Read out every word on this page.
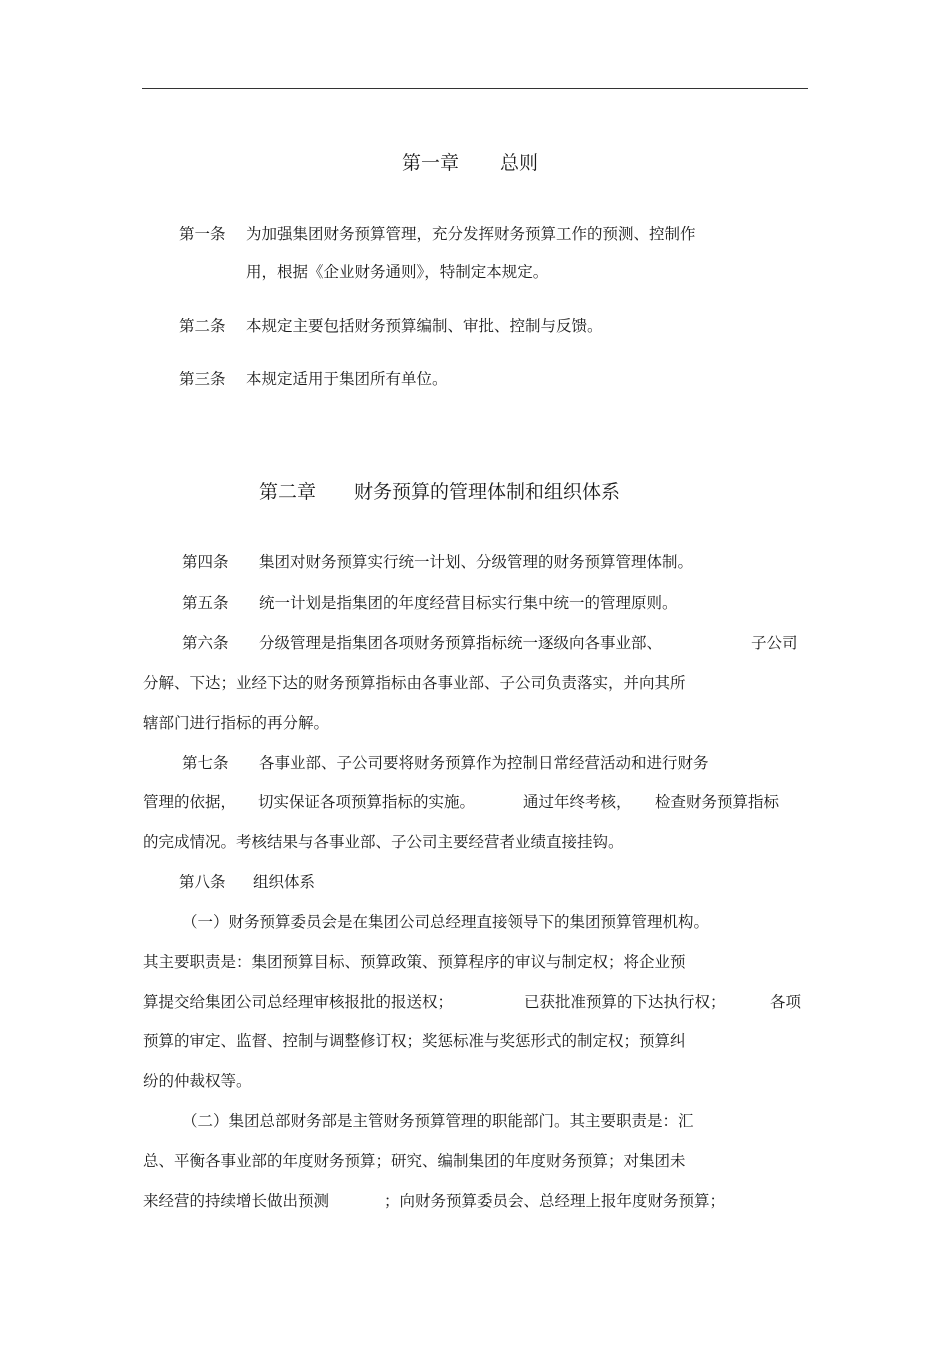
第一章 总则
第一条 为加强集团财务预算管理，充分发挥财务预算工作的预测、控制作
用，根据《企业财务通则》，特制定本规定。
第二条 本规定主要包括财务预算编制、审批、控制与反馈。
第三条 本规定适用于集团所有单位。
第二章 财务预算的管理体制和组织体系
第四条 集团对财务预算实行统一计划、分级管理的财务预算管理体制。
第五条 统一计划是指集团的年度经营目标实行集中统一的管理原则。
第六条 分级管理是指集团各项财务预算指标统一逐级向各事业部、	子公司
分解、下达；业经下达的财务预算指标由各事业部、子公司负责落实，并向其所
辖部门进行指标的再分解。
第七条 各事业部、子公司要将财务预算作为控制日常经营活动和进行财务
管理的依据， 切实保证各项预算指标的实施。	通过年终考核， 检查财务预算指标
的完成情况。考核结果与各事业部、子公司主要经营者业绩直接挂钩。
第八条 组织体系
（一）财务预算委员会是在集团公司总经理直接领导下的集团预算管理机构。
其主要职责是：集团预算目标、预算政策、预算程序的审议与制定权；将企业预
算提交给集团公司总经理审核报批的报送权；	已获批准预算的下达执行权；	各项
预算的审定、监督、控制与调整修订权；奖惩标准与奖惩形式的制定权；预算纠
纷的仲裁权等。
（二）集团总部财务部是主管财务预算管理的职能部门。其主要职责是：汇
总、平衡各事业部的年度财务预算；研究、编制集团的年度财务预算；对集团未
来经营的持续增长做出预测	；向财务预算委员会、总经理上报年度财务预算；
